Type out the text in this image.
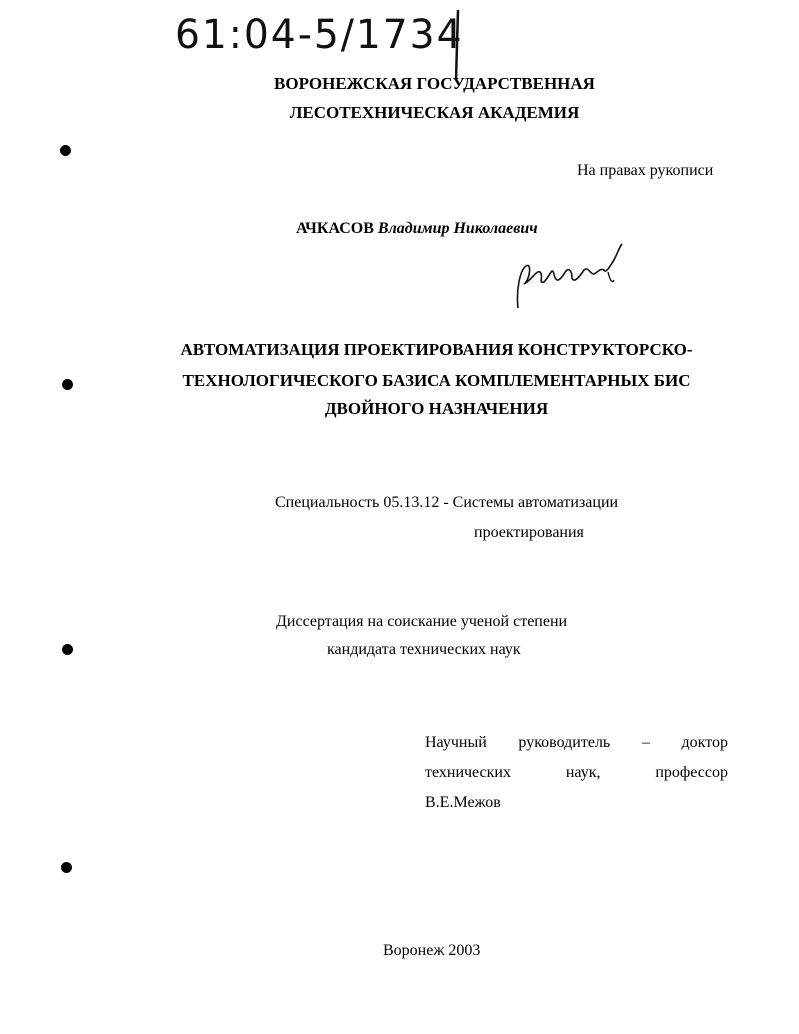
61:04-5/1734
ВОРОНЕЖСКАЯ ГОСУДАРСТВЕННАЯ
ЛЕСОТЕХНИЧЕСКАЯ АКАДЕМИЯ
На правах рукописи
АЧКАСОВ Владимир Николаевич
АВТОМАТИЗАЦИЯ ПРОЕКТИРОВАНИЯ КОНСТРУКТОРСКО-
ТЕХНОЛОГИЧЕСКОГО БАЗИСА КОМПЛЕМЕНТАРНЫХ БИС
ДВОЙНОГО НАЗНАЧЕНИЯ
Специальность 05.13.12 - Системы автоматизации
проектирования
Диссертация на соискание ученой степени
кандидата технических наук
Научный руководитель – доктор
технических	наук,	профессор
В.Е.Межов
Воронеж 2003
